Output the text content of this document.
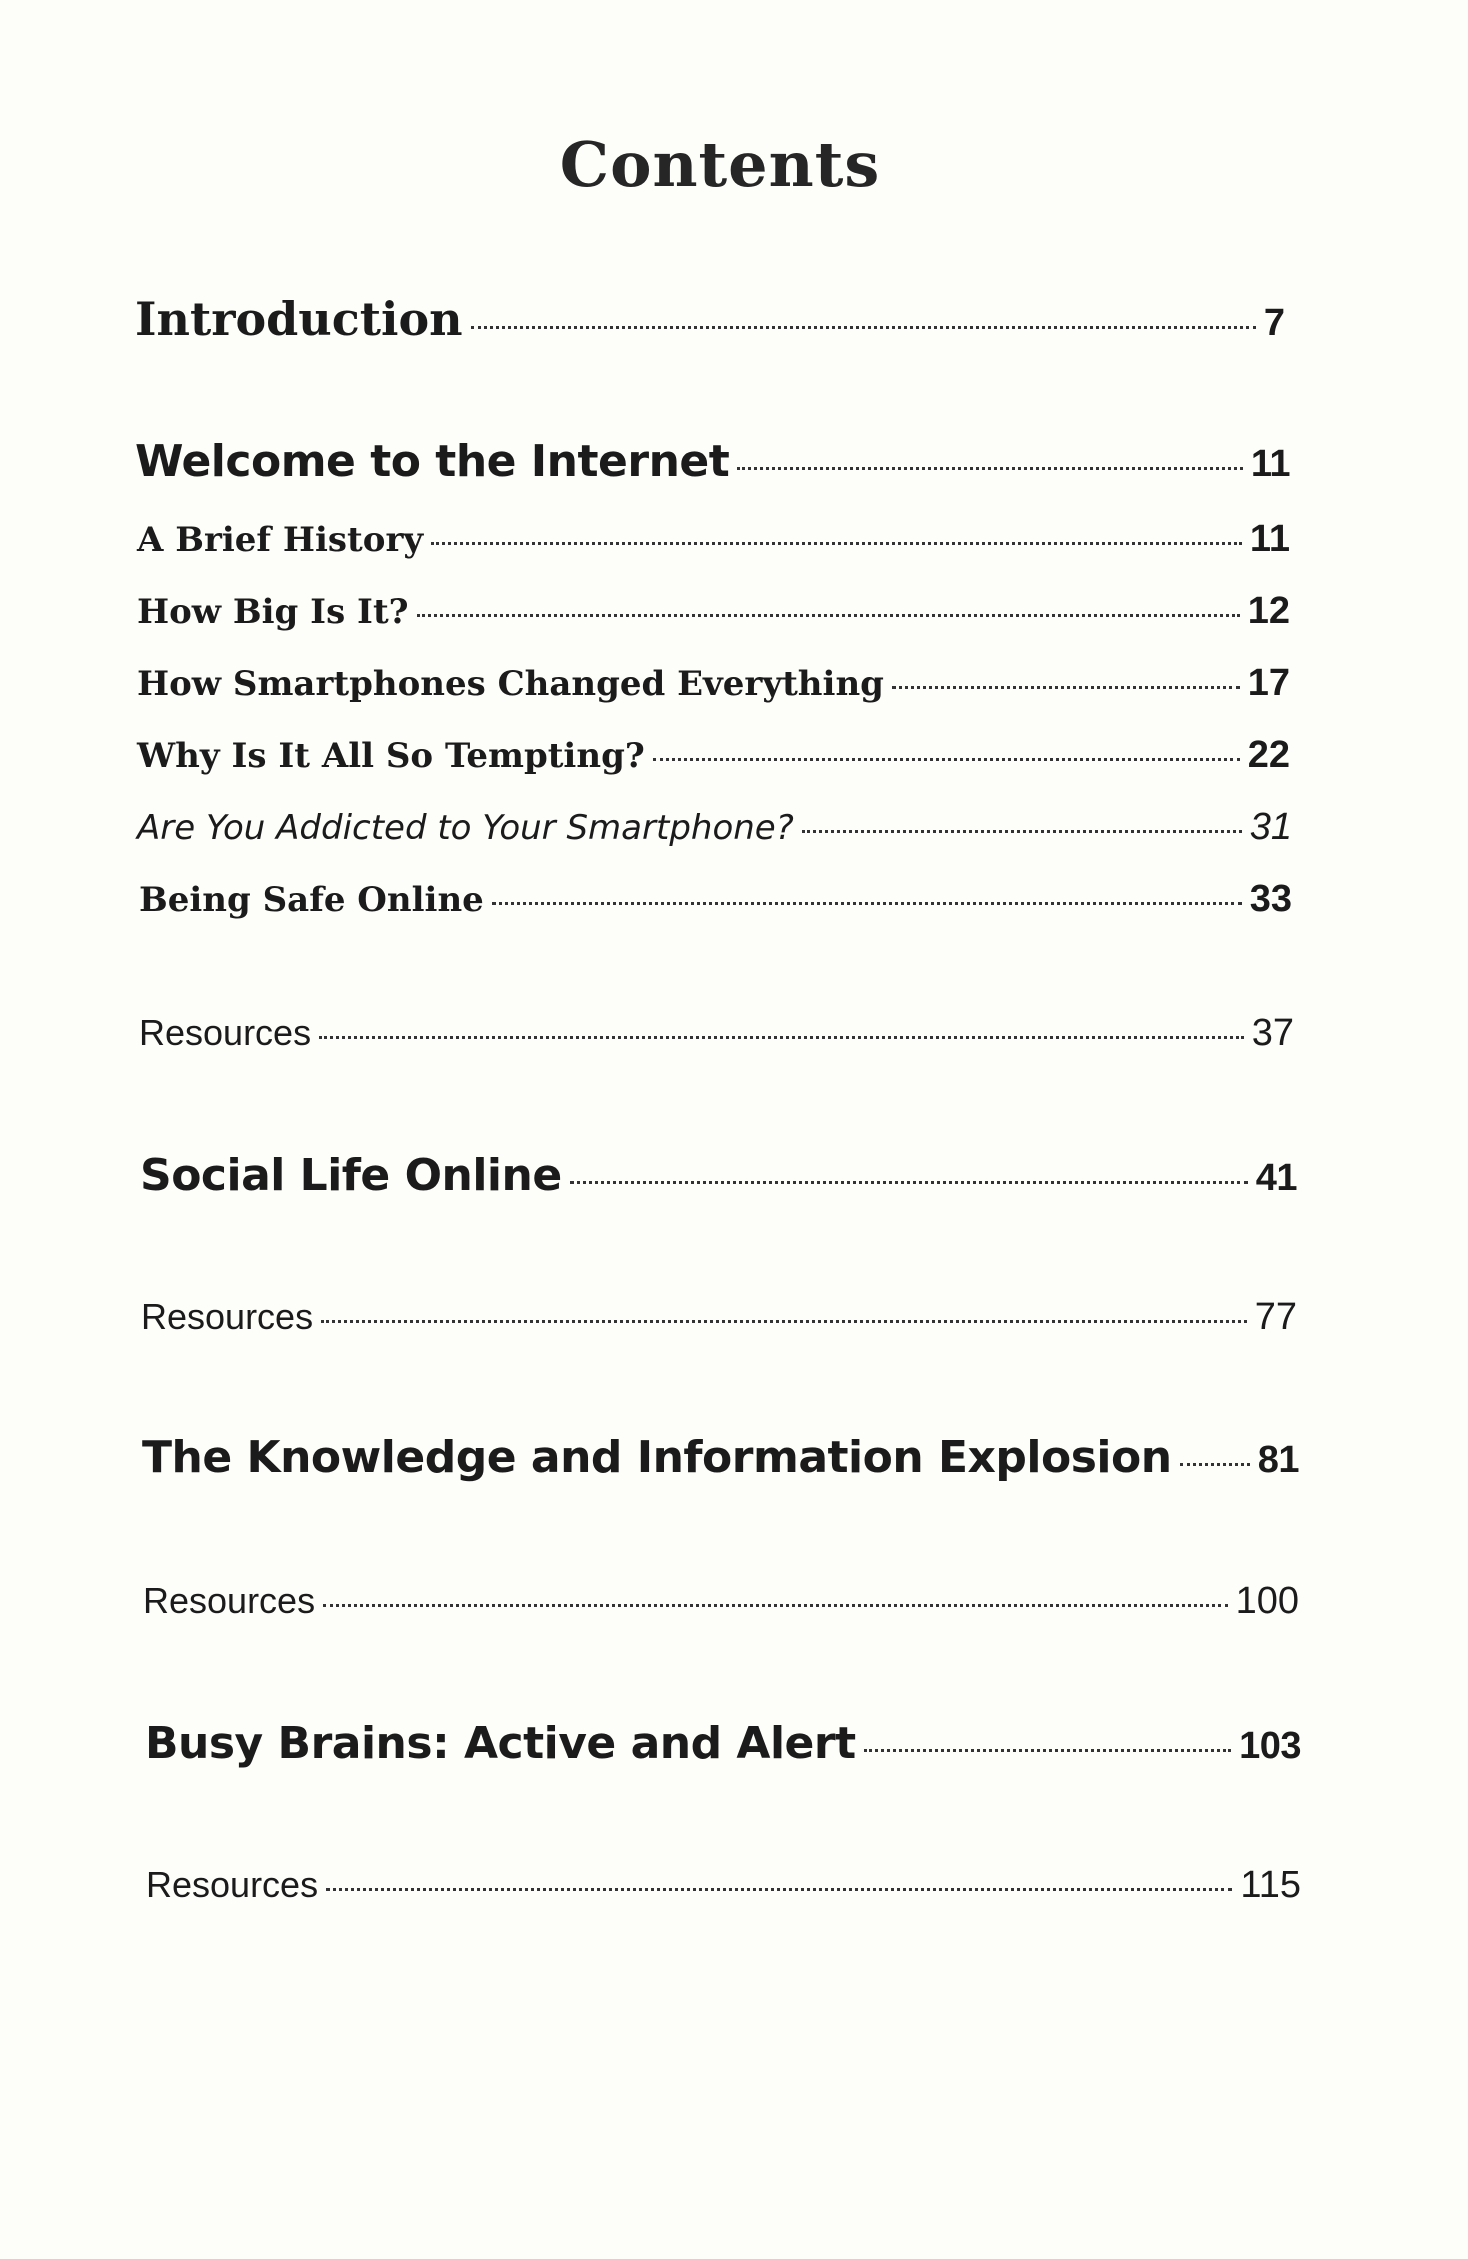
Contents
Introduction	7
Welcome to the Internet	11
A Brief History	11
How Big Is It?	12
How Smartphones Changed Everything	17
Why Is It All So Tempting?	22
Are You Addicted to Your Smartphone?	31
Being Safe Online	33
Resources	37
Social Life Online	41
Resources	77
The Knowledge and Information Explosion 81
Resources	100
Busy Brains: Active and Alert	103
Resources	115
